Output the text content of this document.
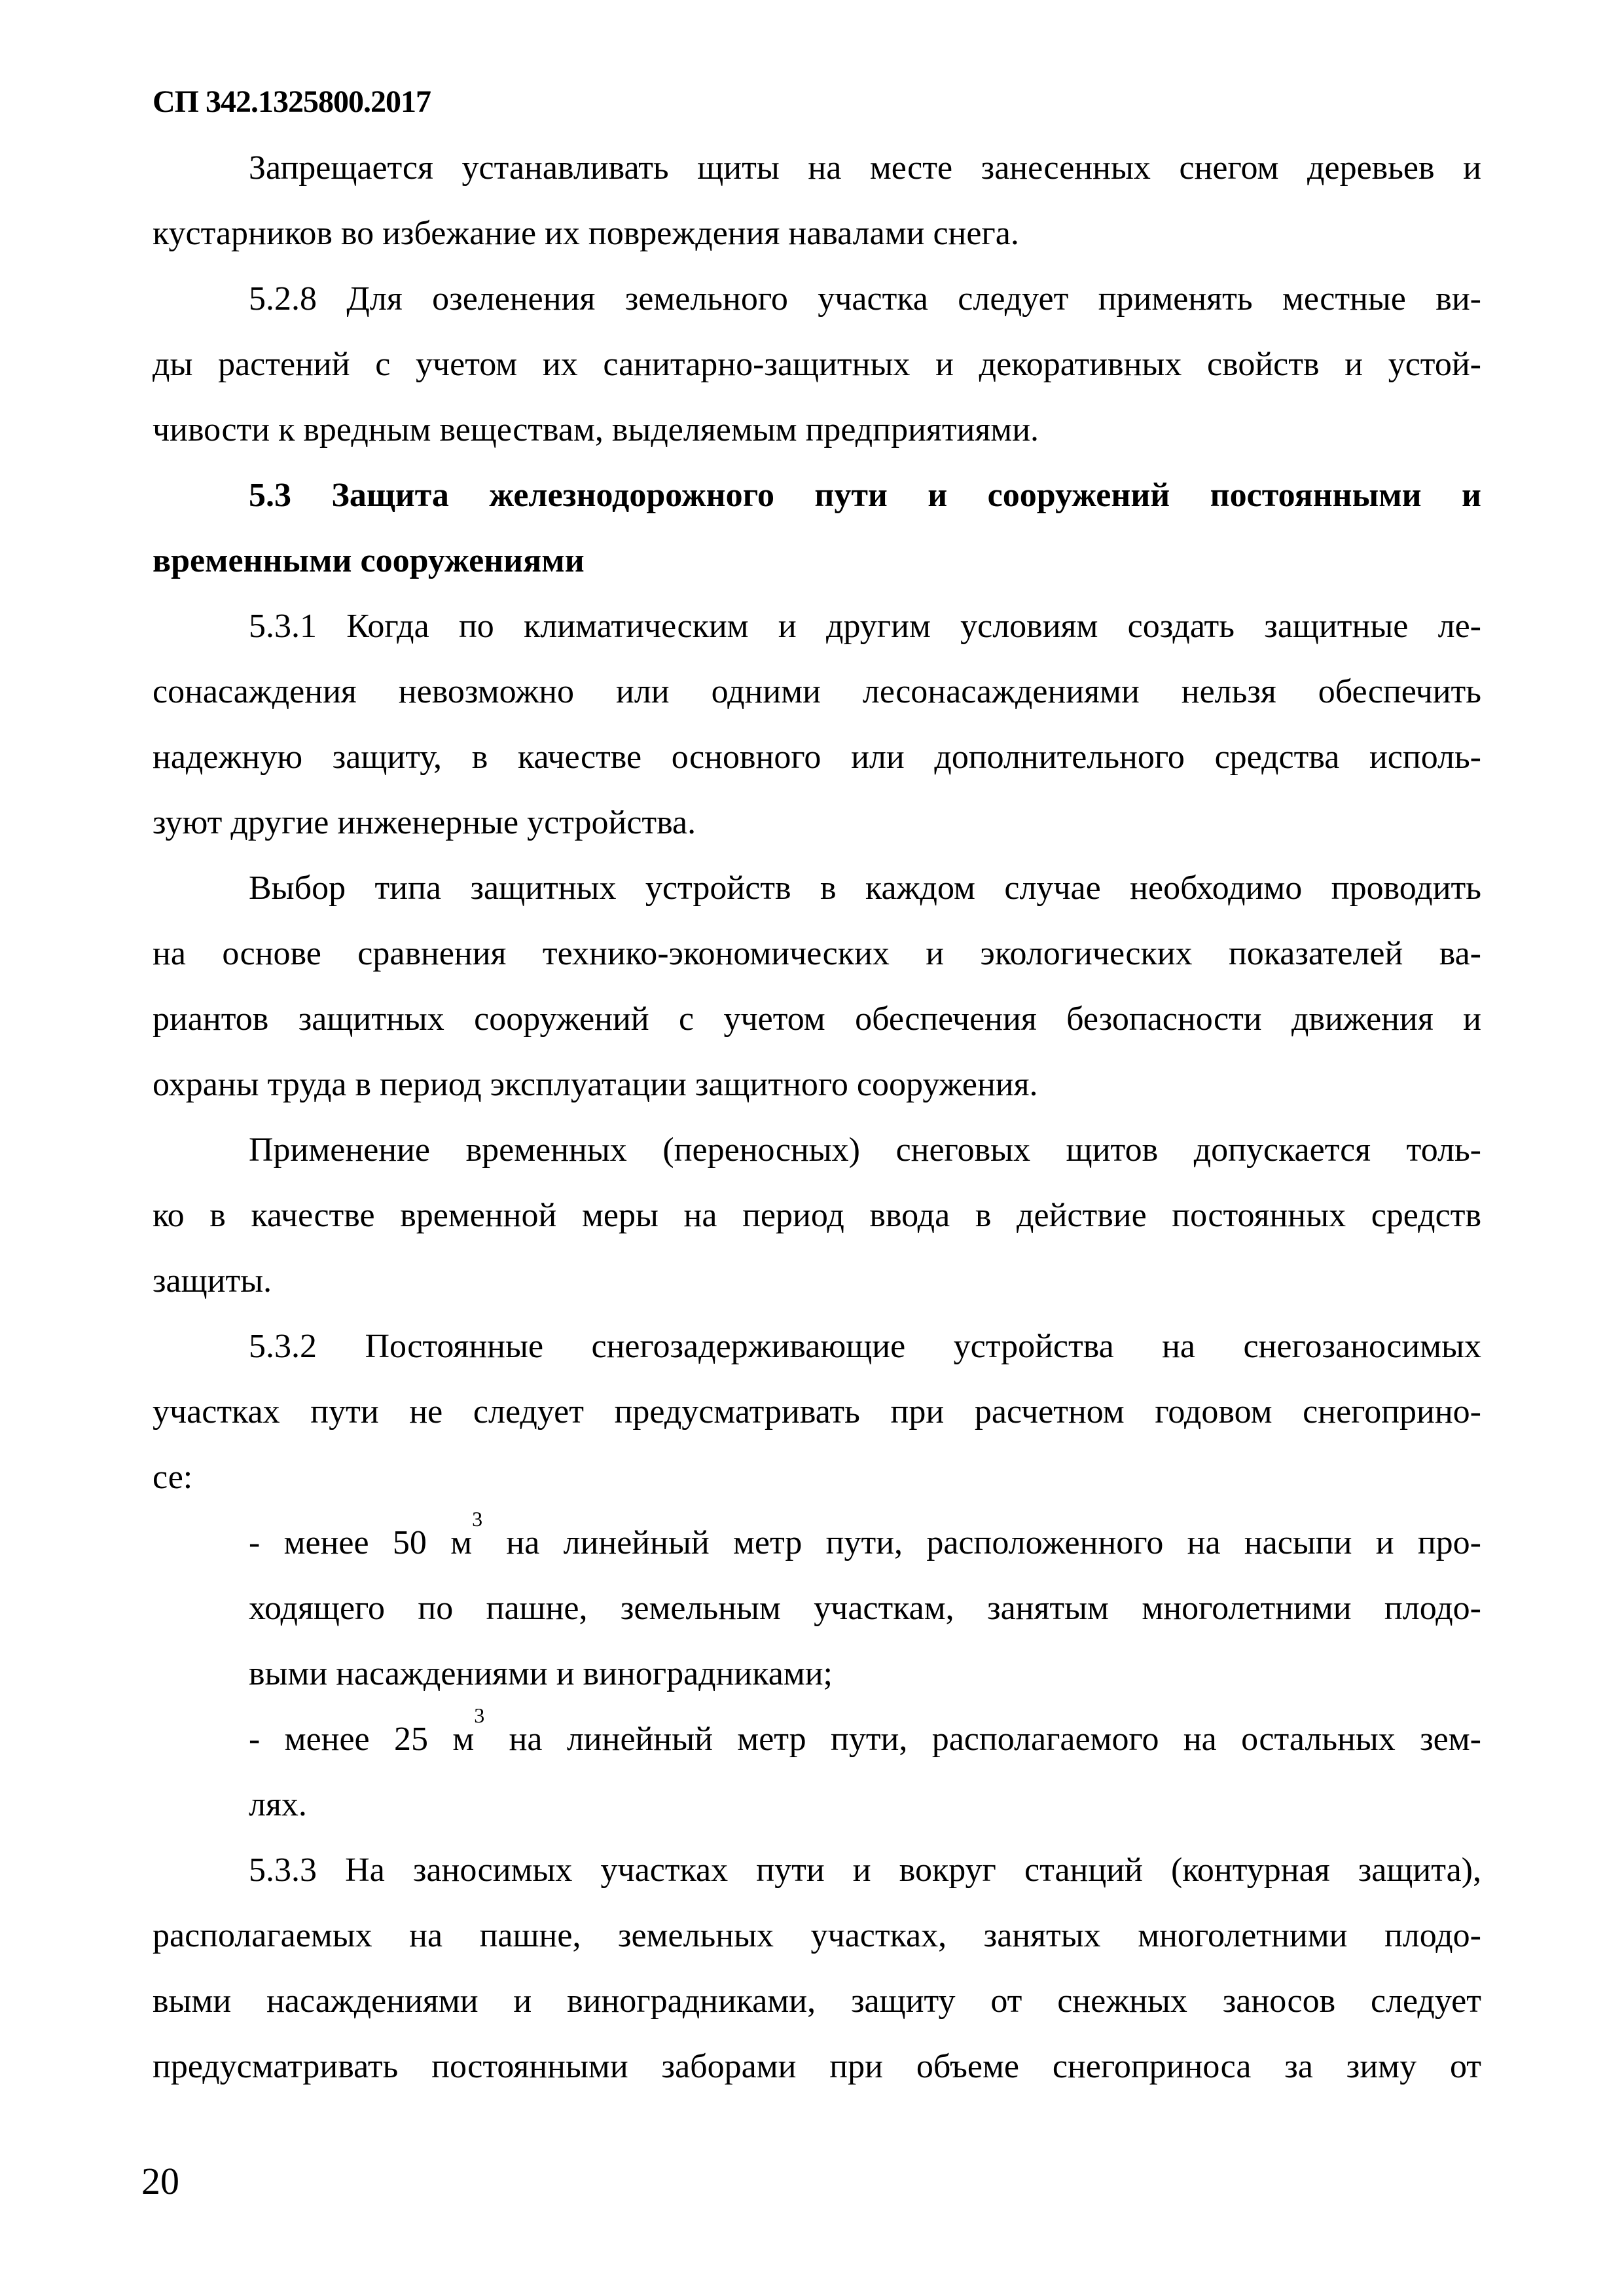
СП 342.1325800.2017
Запрещается устанавливать щиты на месте занесенных снегом деревьев и
кустарников во избежание их повреждения навалами снега.
5.2.8 Для озеленения земельного участка следует применять местные ви-
ды растений с учетом их санитарно-защитных и декоративных свойств и устой-
чивости к вредным веществам, выделяемым предприятиями.
5.3 Защита железнодорожного пути и сооружений постоянными и
временными сооружениями
5.3.1 Когда по климатическим и другим условиям создать защитные ле-
сонасаждения невозможно или одними лесонасаждениями нельзя обеспечить
надежную защиту, в качестве основного или дополнительного средства исполь-
зуют другие инженерные устройства.
Выбор типа защитных устройств в каждом случае необходимо проводить
на основе сравнения технико-экономических и экологических показателей ва-
риантов защитных сооружений с учетом обеспечения безопасности движения и
охраны труда в период эксплуатации защитного сооружения.
Применение временных (переносных) снеговых щитов допускается толь-
ко в качестве временной меры на период ввода в действие постоянных средств
защиты.
5.3.2 Постоянные снегозадерживающие устройства на снегозаносимых
участках пути не следует предусматривать при расчетном годовом снегоприно-
се:
- менее 50 $м^3$ на линейный метр пути, расположенного на насыпи и про-
ходящего по пашне, земельным участкам, занятым многолетними плодо-
выми насаждениями и виноградниками;
- менее 25 $м^3$ на линейный метр пути, располагаемого на остальных зем-
лях.
5.3.3 На заносимых участках пути и вокруг станций (контурная защита),
располагаемых на пашне, земельных участках, занятых многолетними плодо-
выми насаждениями и виноградниками, защиту от снежных заносов следует
предусматривать постоянными заборами при объеме снегоприноса за зиму от
20
